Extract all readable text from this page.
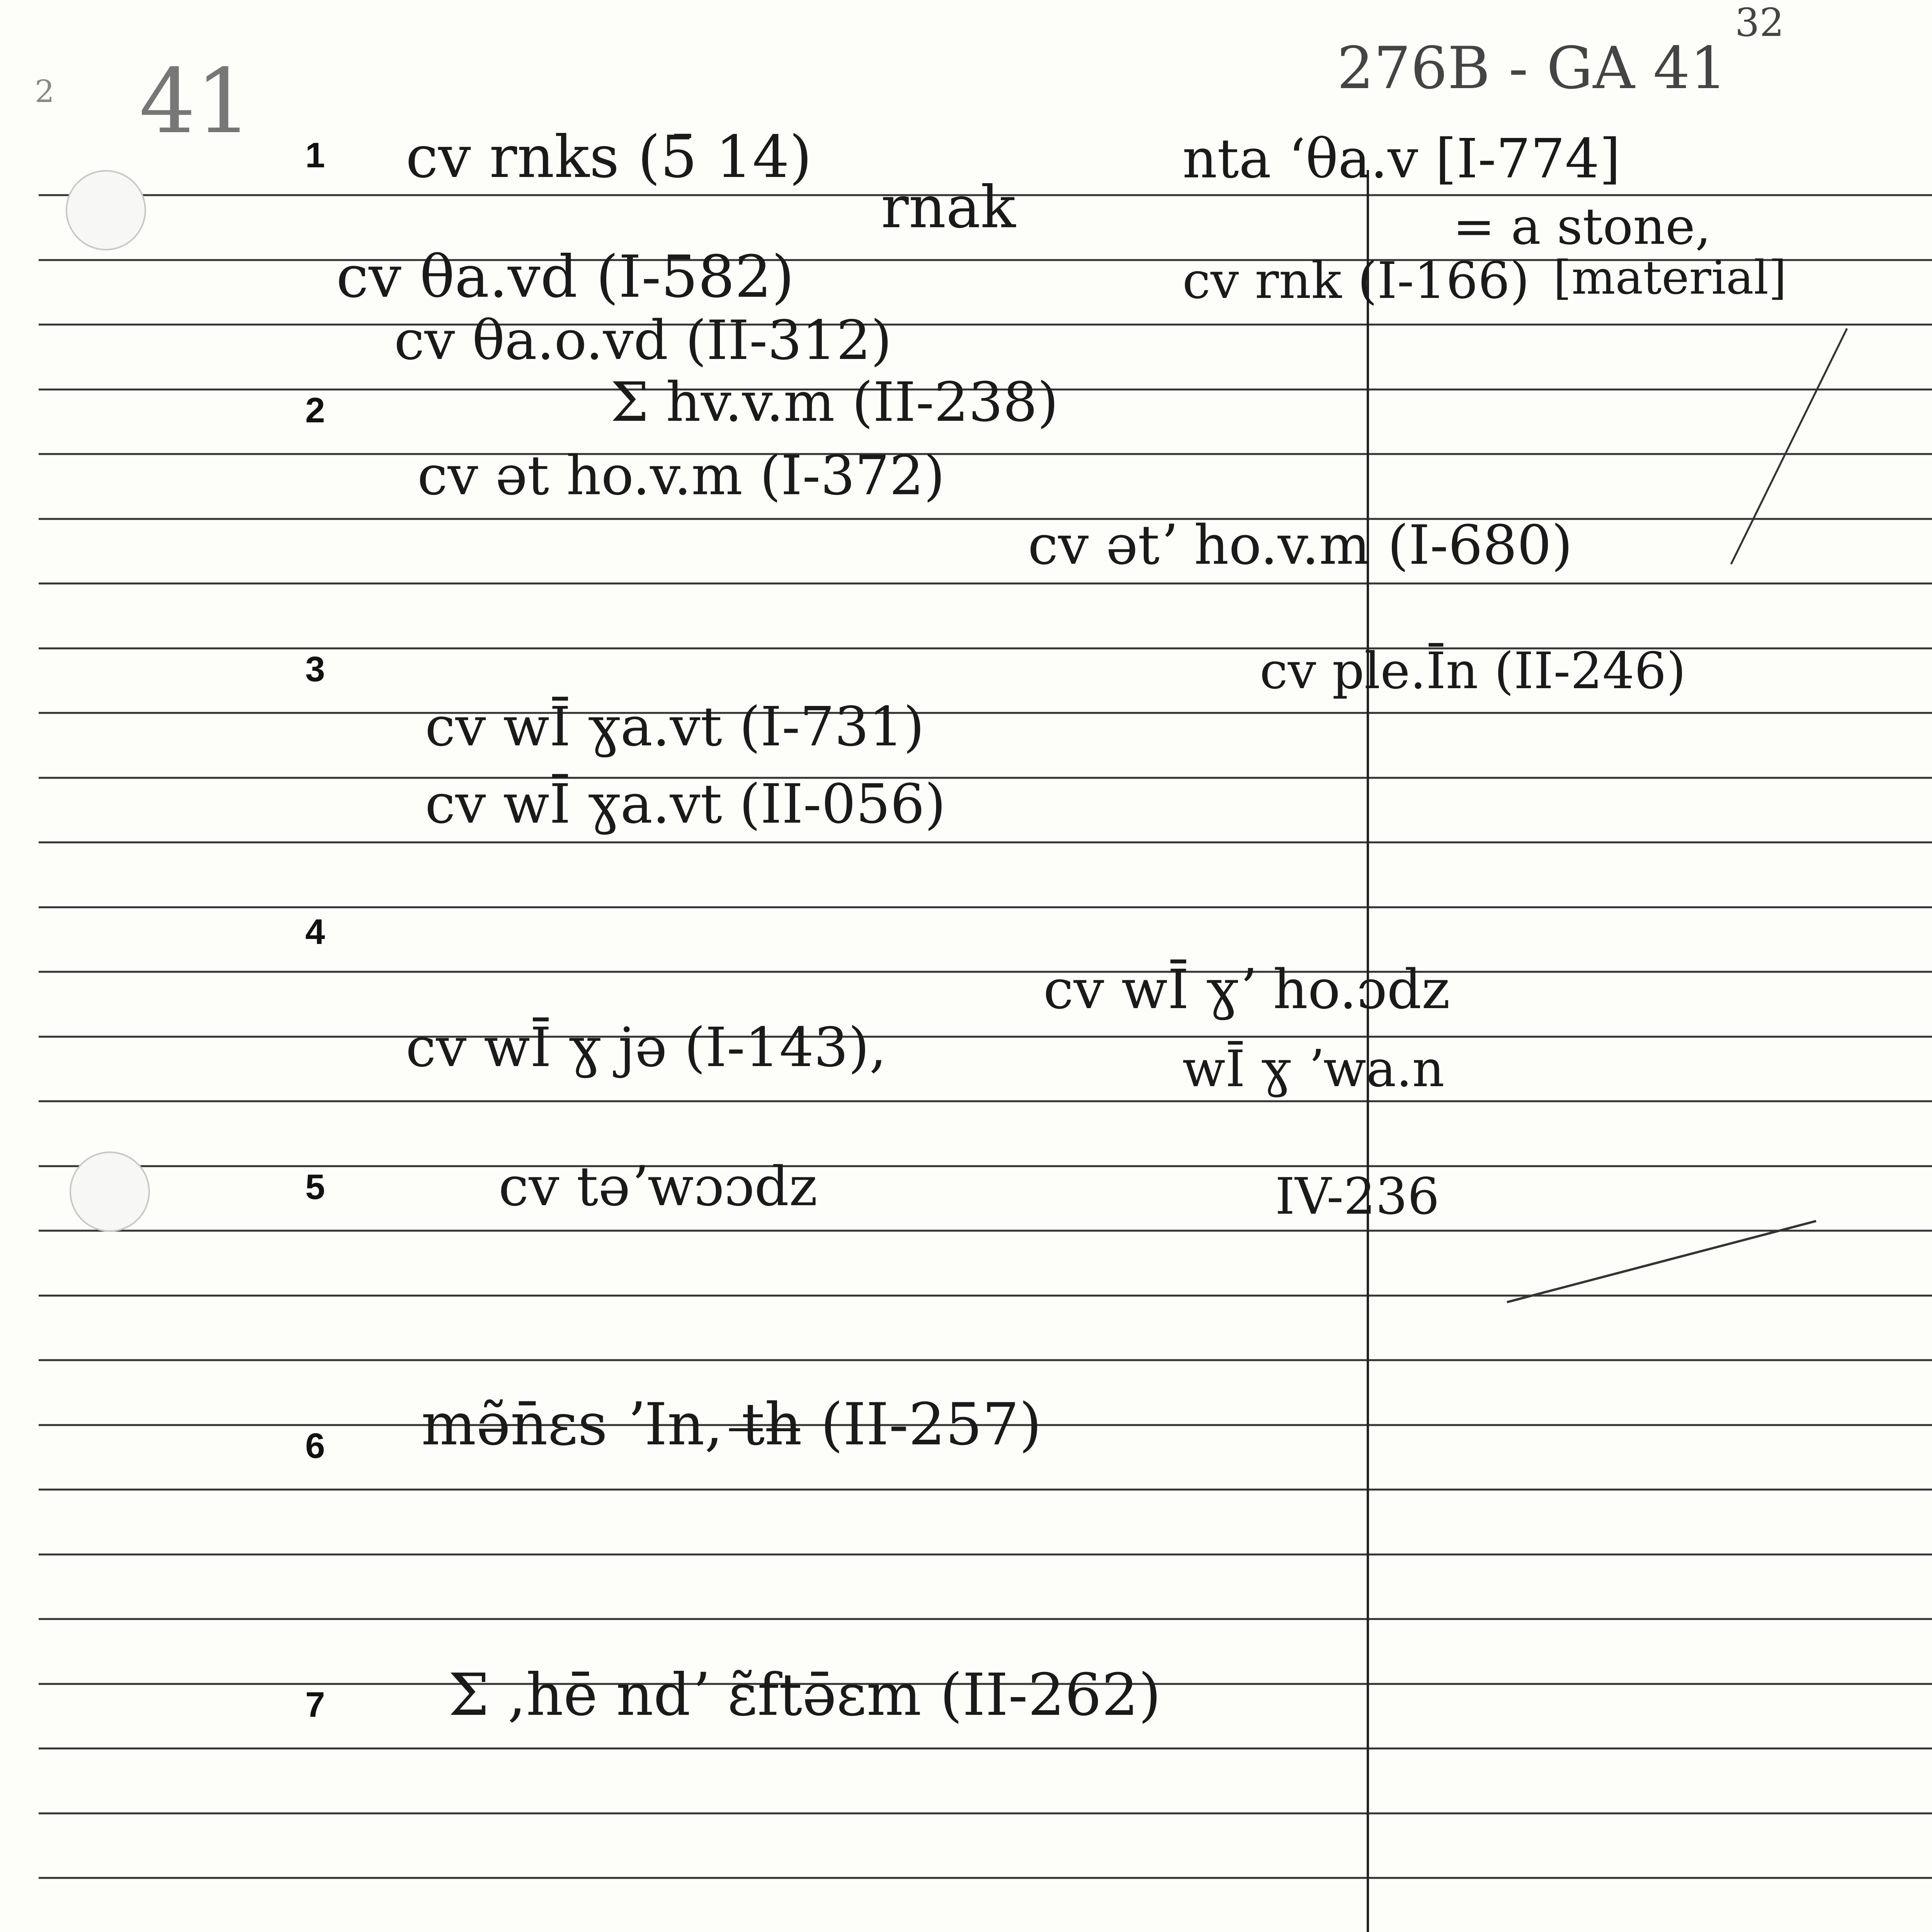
41
2	276B - GA 41
32
1
2
3
4
5
6
7
cv rnks (5̄ 14)	nta ʻθa.v [I-774]
rnak	= a stone,
cv θa.vd (I-582)	cv rnk (I-166) [material]
cv θa.o.vd (II-312)
Σ hv.v.m (II-238)
cv ət ho.v.m (I-372)
cv ətʼ ho.v.m (I-680)
cv ple.Īn (II-246)
cv wĪ ɣa.vt (I-731)
cv wĪ ɣa.vt (II-056)
cv wĪ ɣʼ ho.ɔdz
cv wĪ ɣ jə (I-143),	wĪ ɣ ʼwa.n
cv təʼwɔɔdz	IV-236
mə̃n̄ɛs ʼIn, t̶h̶ (II-257)
Σ ,hē ndʼ ɛ̃ftə̄ɛm (II-262)
